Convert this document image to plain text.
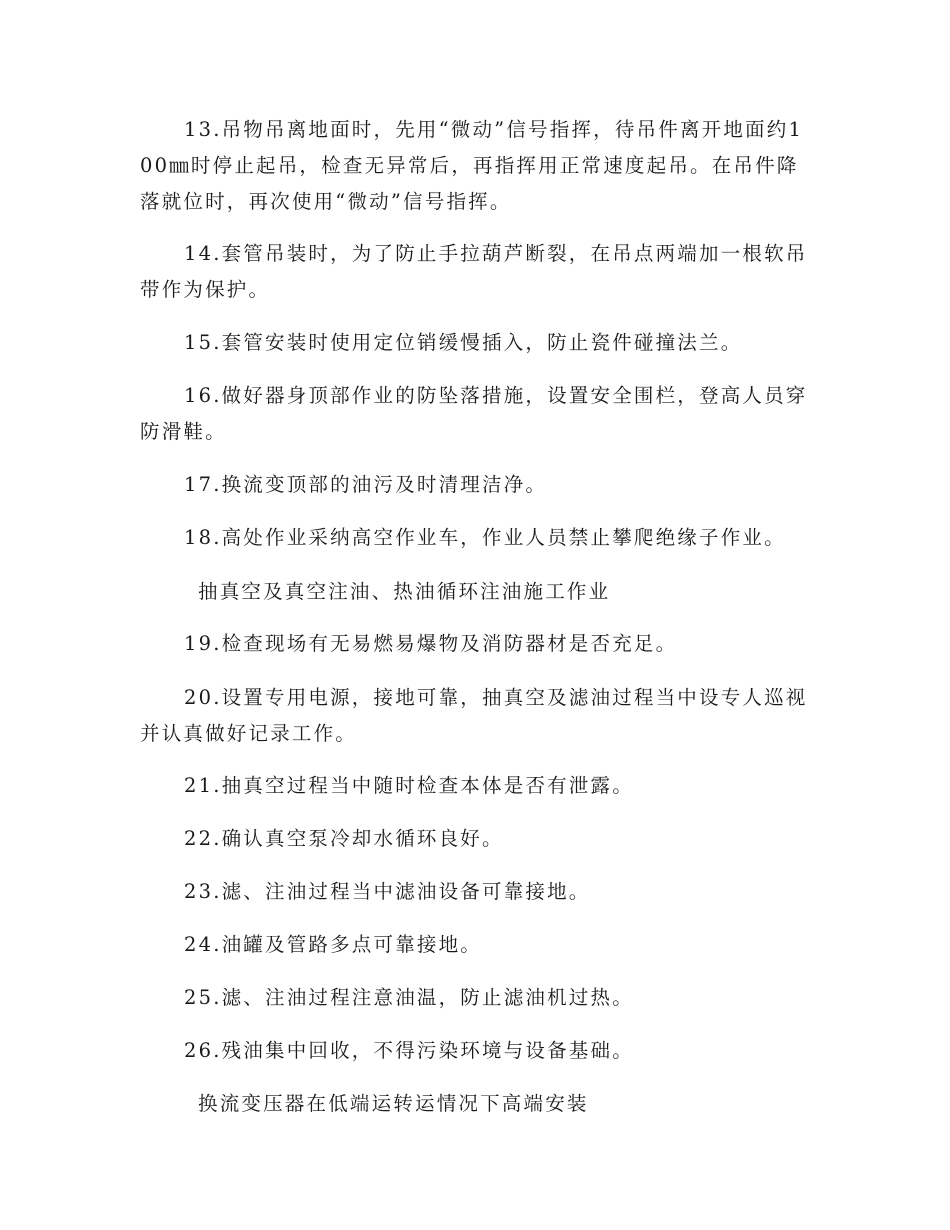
13.吊物吊离地面时，先用“微动”信号指挥，待吊件离开地面约100㎜时停止起吊，检查无异常后，再指挥用正常速度起吊。在吊件降落就位时，再次使用“微动”信号指挥。

14.套管吊装时，为了防止手拉葫芦断裂，在吊点两端加一根软吊带作为保护。

15.套管安装时使用定位销缓慢插入，防止瓷件碰撞法兰。

16.做好器身顶部作业的防坠落措施，设置安全围栏，登高人员穿防滑鞋。

17.换流变顶部的油污及时清理洁净。

18.高处作业采纳高空作业车，作业人员禁止攀爬绝缘子作业。

抽真空及真空注油、热油循环注油施工作业

19.检查现场有无易燃易爆物及消防器材是否充足。

20.设置专用电源，接地可靠，抽真空及滤油过程当中设专人巡视并认真做好记录工作。

21.抽真空过程当中随时检查本体是否有泄露。

22.确认真空泵冷却水循环良好。

23.滤、注油过程当中滤油设备可靠接地。

24.油罐及管路多点可靠接地。

25.滤、注油过程注意油温，防止滤油机过热。

26.残油集中回收，不得污染环境与设备基础。

换流变压器在低端运转运情况下高端安装
